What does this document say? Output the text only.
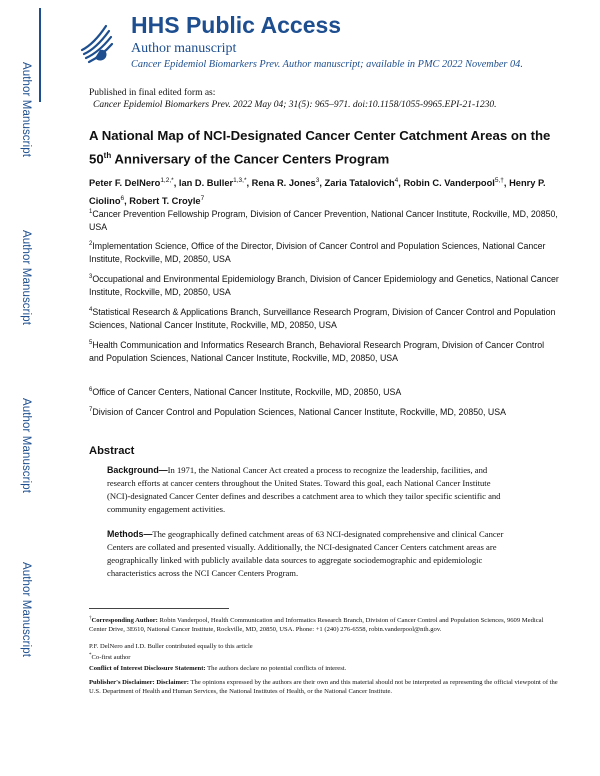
Author Manuscript
Author Manuscript
Author Manuscript
Author Manuscript
HHS Public Access
Author manuscript
Cancer Epidemiol Biomarkers Prev. Author manuscript; available in PMC 2022 November 04.
Published in final edited form as:
Cancer Epidemiol Biomarkers Prev. 2022 May 04; 31(5): 965–971. doi:10.1158/1055-9965.EPI-21-1230.
A National Map of NCI-Designated Cancer Center Catchment Areas on the 50th Anniversary of the Cancer Centers Program
Peter F. DelNero$^{1,2,*}$, Ian D. Buller$^{1,3,*}$, Rena R. Jones$^3$, Zaria Tatalovich$^4$, Robin C. Vanderpool$^{5,\dagger}$, Henry P. Ciolino$^6$, Robert T. Croyle$^7$
$^1$Cancer Prevention Fellowship Program, Division of Cancer Prevention, National Cancer Institute, Rockville, MD, 20850, USA
$^2$Implementation Science, Office of the Director, Division of Cancer Control and Population Sciences, National Cancer Institute, Rockville, MD, 20850, USA
$^3$Occupational and Environmental Epidemiology Branch, Division of Cancer Epidemiology and Genetics, National Cancer Institute, Rockville, MD, 20850, USA
$^4$Statistical Research & Applications Branch, Surveillance Research Program, Division of Cancer Control and Population Sciences, National Cancer Institute, Rockville, MD, 20850, USA
$^5$Health Communication and Informatics Research Branch, Behavioral Research Program, Division of Cancer Control and Population Sciences, National Cancer Institute, Rockville, MD, 20850, USA
$^6$Office of Cancer Centers, National Cancer Institute, Rockville, MD, 20850, USA
$^7$Division of Cancer Control and Population Sciences, National Cancer Institute, Rockville, MD, 20850, USA
Abstract
Background—In 1971, the National Cancer Act created a process to recognize the leadership, facilities, and research efforts at cancer centers throughout the United States. Toward this goal, each National Cancer Institute (NCI)-designated Cancer Center defines and describes a catchment area to which they tailor specific scientific and community engagement activities.
Methods—The geographically defined catchment areas of 63 NCI-designated comprehensive and clinical Cancer Centers are collated and presented visually. Additionally, the NCI-designated Cancer Centers catchment areas are geographically linked with publicly available data sources to aggregate sociodemographic and epidemiologic characteristics across the NCI Cancer Centers Program.
†Corresponding Author: Robin Vanderpool, Health Communication and Informatics Research Branch, Division of Cancer Control and Population Sciences, 9609 Medical Center Drive, 3E610, National Cancer Institute, Rockville, MD, 20850, USA. Phone: +1 (240) 276-6558, robin.vanderpool@nih.gov.
P.F. DelNero and I.D. Buller contributed equally to this article
*Co-first author
Conflict of Interest Disclosure Statement: The authors declare no potential conflicts of interest.
Publisher's Disclaimer: Disclaimer: The opinions expressed by the authors are their own and this material should not be interpreted as representing the official viewpoint of the U.S. Department of Health and Human Services, the National Institutes of Health, or the National Cancer Institute.
